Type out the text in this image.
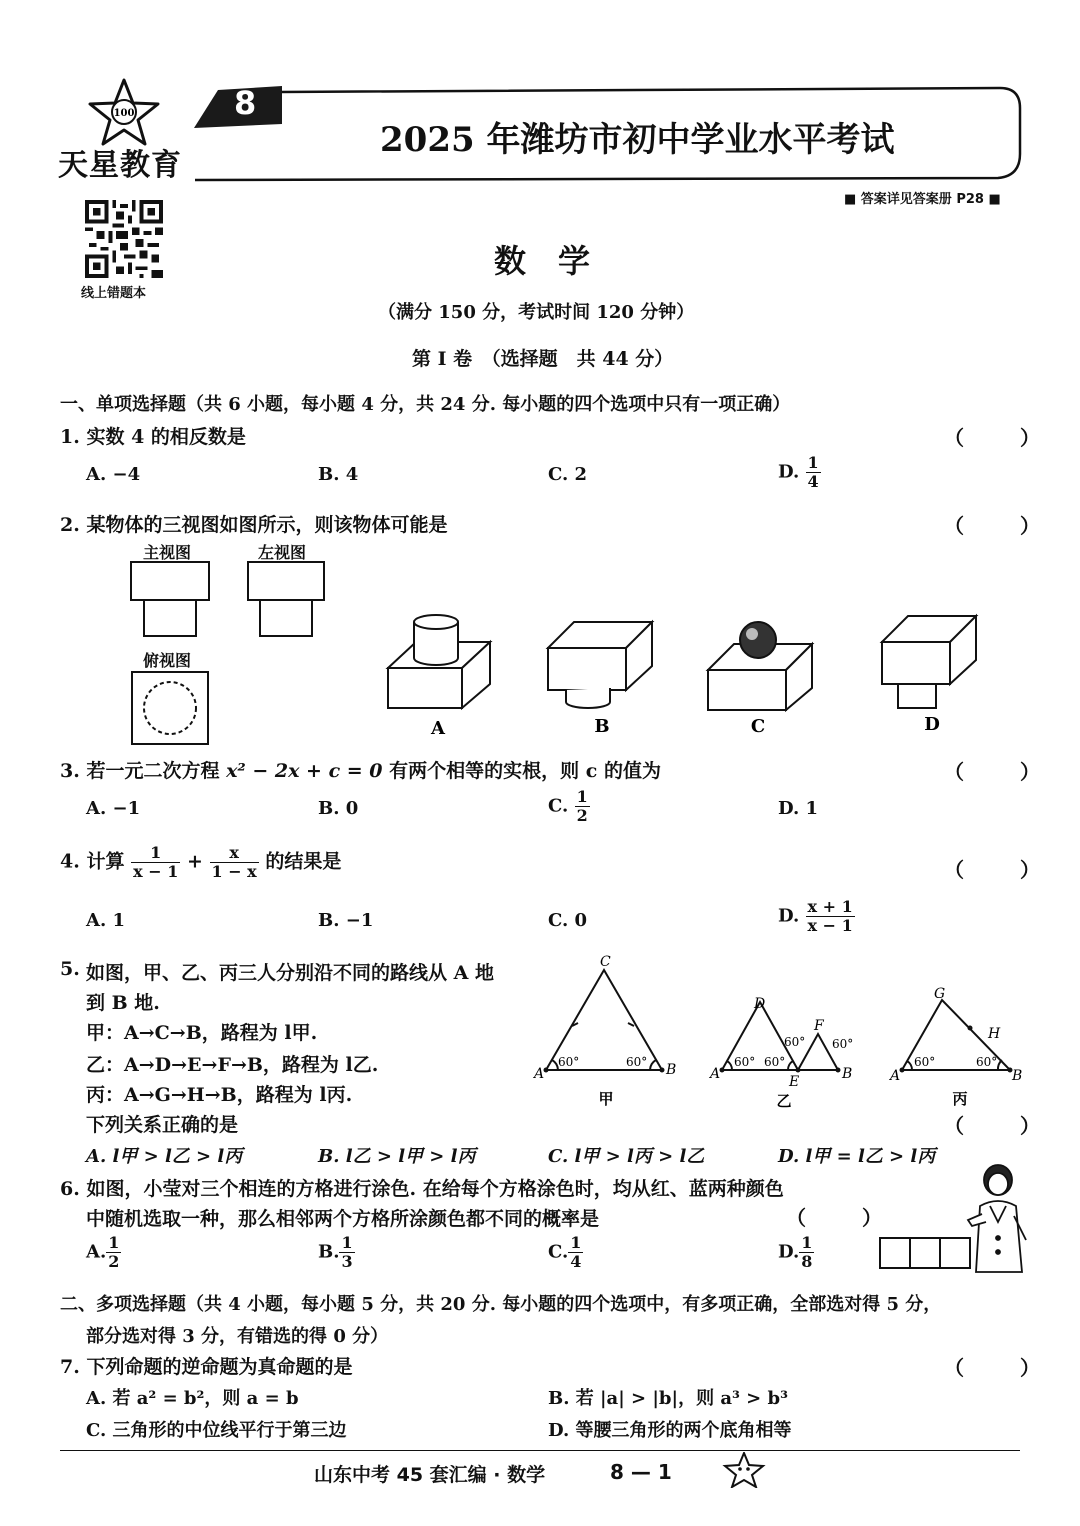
100
天星教育
8
2025 年潍坊市初中学业水平考试
■ 答案详见答案册 P28 ■
线上错题本
数　学
（满分 150 分，考试时间 120 分钟）
第 I 卷　（选择题　共 44 分）
一、单项选择题（共 6 小题，每小题 4 分，共 24 分. 每小题的四个选项中只有一项正确）
1. 实数 4 的相反数是	（　）
A. −4	B. 4	C. 2	D. $\frac{1}{4}$
2. 某物体的三视图如图所示，则该物体可能是	（　）
主视图	左视图
俯视图
A	B	C	D
3. 若一元二次方程 x² − 2x + c = 0 有两个相等的实根，则 c 的值为	（　）
A. −1	B. 0	C. $\frac{1}{2}$	D. 1
4. 计算 $\frac{1}{x - 1} + \frac{x}{1 - x}$ 的结果是	（　）
A. 1	B. −1	C. 0	D. $\frac{x + 1}{x - 1}$
5. 如图，甲、乙、丙三人分别沿不同的路线从 A 地
到 B 地.
甲：A→C→B，路程为 l甲.
乙：A→D→E→F→B，路程为 l乙.
丙：A→G→H→B，路程为 l丙.
下列关系正确的是	（　）
C
A	B
D
E
F
A	B
G
H
A	B
60°	60°	60° 60°
60° 60°
60°	60°
甲	乙	丙
A. l甲 > l乙 > l丙	B. l乙 > l甲 > l丙	C. l甲 > l丙 > l乙	D. l甲 = l乙 > l丙
6. 如图，小莹对三个相连的方格进行涂色. 在给每个方格涂色时，均从红、蓝两种颜色
中随机选取一种，那么相邻两个方格所涂颜色都不同的概率是	（　）
A. $\frac{1}{2}$	B. $\frac{1}{3}$	C. $\frac{1}{4}$	D. $\frac{1}{8}$
二、多项选择题（共 4 小题，每小题 5 分，共 20 分. 每小题的四个选项中，有多项正确，全部选对得 5 分，
部分选对得 3 分，有错选的得 0 分）
7. 下列命题的逆命题为真命题的是	（　）
A. 若 a² = b²，则 a = b	B. 若 |a| > |b|，则 a³ > b³
C. 三角形的中位线平行于第三边	D. 等腰三角形的两个底角相等
山东中考 45 套汇编 · 数学	8 — 1
